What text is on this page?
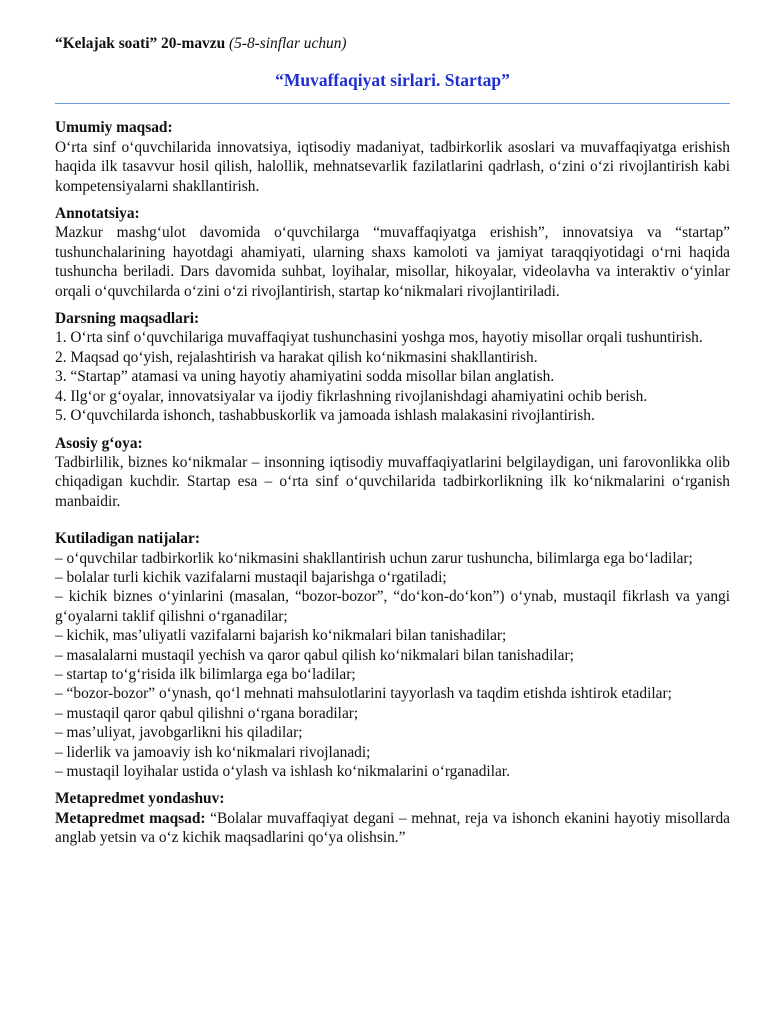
“Kelajak soati” 20-mavzu (5-8-sinflar uchun)

“Muvaffaqiyat sirlari. Startap”
Umumiy maqsad:

O‘rta sinf o‘quvchilarida innovatsiya, iqtisodiy madaniyat, tadbirkorlik asoslari va muvaffaqiyatga erishish haqida ilk tasavvur hosil qilish, halollik, mehnatsevarlik fazilatlarini qadrlash, o‘zini o‘zi rivojlantirish kabi kompetensiyalarni shakllantirish.

Annotatsiya:

Mazkur mashg‘ulot davomida o‘quvchilarga “muvaffaqiyatga erishish”, innovatsiya va “startap” tushunchalarining hayotdagi ahamiyati, ularning shaxs kamoloti va jamiyat taraqqiyotidagi o‘rni haqida tushuncha beriladi. Dars davomida suhbat, loyihalar, misollar, hikoyalar, videolavha va interaktiv o‘yinlar orqali o‘quvchilarda o‘zini o‘zi rivojlantirish, startap ko‘nikmalari rivojlantiriladi.

Darsning maqsadlari:

1. O‘rta sinf o‘quvchilariga muvaffaqiyat tushunchasini yoshga mos, hayotiy misollar orqali tushuntirish.

2. Maqsad qo‘yish, rejalashtirish va harakat qilish ko‘nikmasini shakllantirish.

3. “Startap” atamasi va uning hayotiy ahamiyatini sodda misollar bilan anglatish.

4. Ilg‘or g‘oyalar, innovatsiyalar va ijodiy fikrlashning rivojlanishdagi ahamiyatini ochib berish.

5. O‘quvchilarda ishonch, tashabbuskorlik va jamoada ishlash malakasini rivojlantirish.

Asosiy g‘oya:

Tadbirlilik, biznes ko‘nikmalar – insonning iqtisodiy muvaffaqiyatlarini belgilaydigan, uni farovonlikka olib chiqadigan kuchdir. Startap esa – o‘rta sinf o‘quvchilarida tadbirkorlikning ilk ko‘nikmalarini o‘rganish manbaidir.

Kutiladigan natijalar:

– o‘quvchilar tadbirkorlik ko‘nikmasini shakllantirish uchun zarur tushuncha, bilimlarga ega bo‘ladilar;

– bolalar turli kichik vazifalarni mustaqil bajarishga o‘rgatiladi;

– kichik biznes o‘yinlarini (masalan, “bozor-bozor”, “do‘kon-do‘kon”) o‘ynab, mustaqil fikrlash va yangi g‘oyalarni taklif qilishni o‘rganadilar;

– kichik, mas’uliyatli vazifalarni bajarish ko‘nikmalari bilan tanishadilar;

– masalalarni mustaqil yechish va qaror qabul qilish ko‘nikmalari bilan tanishadilar;

– startap to‘g‘risida ilk bilimlarga ega bo‘ladilar;

– “bozor-bozor” o‘ynash, qo‘l mehnati mahsulotlarini tayyorlash va taqdim etishda ishtirok etadilar;

– mustaqil qaror qabul qilishni o‘rgana boradilar;

– mas’uliyat, javobgarlikni his qiladilar;

– liderlik va jamoaviy ish ko‘nikmalari rivojlanadi;

– mustaqil loyihalar ustida o‘ylash va ishlash ko‘nikmalarini o‘rganadilar.

Metapredmet yondashuv:

Metapredmet maqsad: “Bolalar muvaffaqiyat degani – mehnat, reja va ishonch ekanini hayotiy misollarda anglab yetsin va o‘z kichik maqsadlarini qo‘ya olishsin.”
